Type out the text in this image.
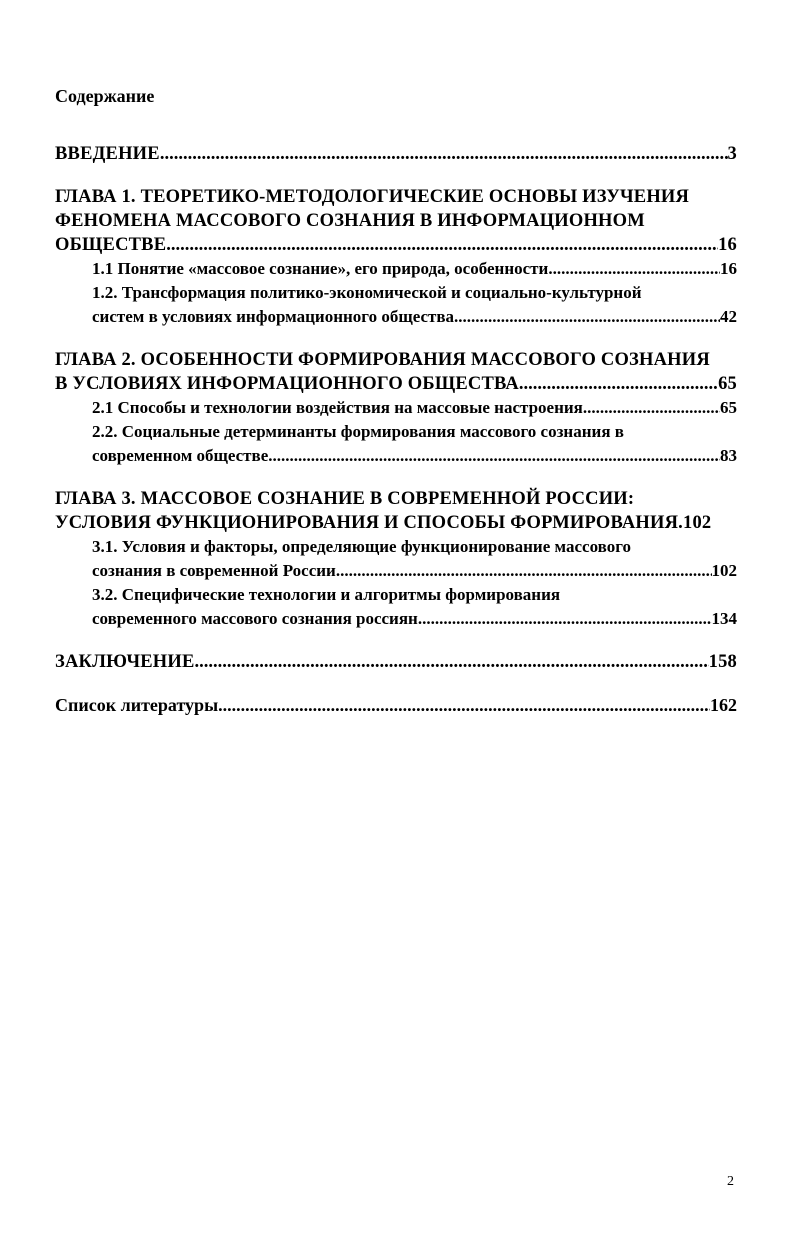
Содержание
ВВЕДЕНИЕ .....	3
ГЛАВА 1. ТЕОРЕТИКО-МЕТОДОЛОГИЧЕСКИЕ ОСНОВЫ ИЗУЧЕНИЯ
ФЕНОМЕНА МАССОВОГО СОЗНАНИЯ В ИНФОРМАЦИОННОМ
ОБЩЕСТВЕ .....	16
1.1 Понятие «массовое сознание», его природа, особенности .....	16
1.2. Трансформация политико-экономической и социально-культурной
систем в условиях информационного общества .....	42
ГЛАВА 2. ОСОБЕННОСТИ ФОРМИРОВАНИЯ МАССОВОГО СОЗНАНИЯ
В УСЛОВИЯХ ИНФОРМАЦИОННОГО ОБЩЕСТВА .....	65
2.1 Способы и технологии воздействия на массовые настроения .....	65
2.2. Социальные детерминанты формирования массового сознания в
современном обществе .....	83
ГЛАВА 3. МАССОВОЕ СОЗНАНИЕ В СОВРЕМЕННОЙ РОССИИ:
УСЛОВИЯ ФУНКЦИОНИРОВАНИЯ И СПОСОБЫ ФОРМИРОВАНИЯ.102
3.1. Условия и факторы, определяющие функционирование массового
сознания в современной России .....	102
3.2. Специфические технологии и алгоритмы формирования
современного массового сознания россиян .....	134
ЗАКЛЮЧЕНИЕ .....	158
Список литературы .....	162
2
